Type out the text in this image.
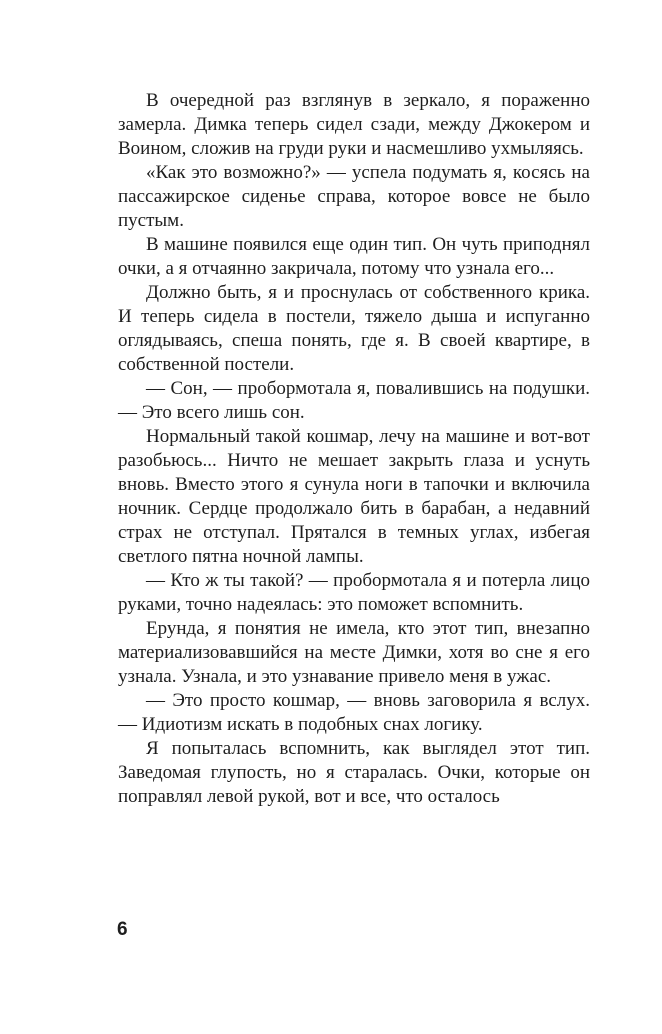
В очередной раз взглянув в зеркало, я пораженно замерла. Димка теперь сидел сзади, между Джокером и Воином, сложив на груди руки и насмешливо ухмыляясь.

«Как это возможно?» — успела подумать я, косясь на пассажирское сиденье справа, которое вовсе не было пустым.

В машине появился еще один тип. Он чуть приподнял очки, а я отчаянно закричала, потому что узнала его...

Должно быть, я и проснулась от собственного крика. И теперь сидела в постели, тяжело дыша и испуганно оглядываясь, спеша понять, где я. В своей квартире, в собственной постели.

— Сон, — пробормотала я, повалившись на подушки. — Это всего лишь сон.

Нормальный такой кошмар, лечу на машине и вот-вот разобьюсь... Ничто не мешает закрыть глаза и уснуть вновь. Вместо этого я сунула ноги в тапочки и включила ночник. Сердце продолжало бить в барабан, а недавний страх не отступал. Прятался в темных углах, избегая светлого пятна ночной лампы.

— Кто ж ты такой? — пробормотала я и потерла лицо руками, точно надеялась: это поможет вспомнить.

Ерунда, я понятия не имела, кто этот тип, внезапно материализовавшийся на месте Димки, хотя во сне я его узнала. Узнала, и это узнавание привело меня в ужас.

— Это просто кошмар, — вновь заговорила я вслух. — Идиотизм искать в подобных снах логику.

Я попыталась вспомнить, как выглядел этот тип. Заведомая глупость, но я старалась. Очки, которые он поправлял левой рукой, вот и все, что осталось

6
